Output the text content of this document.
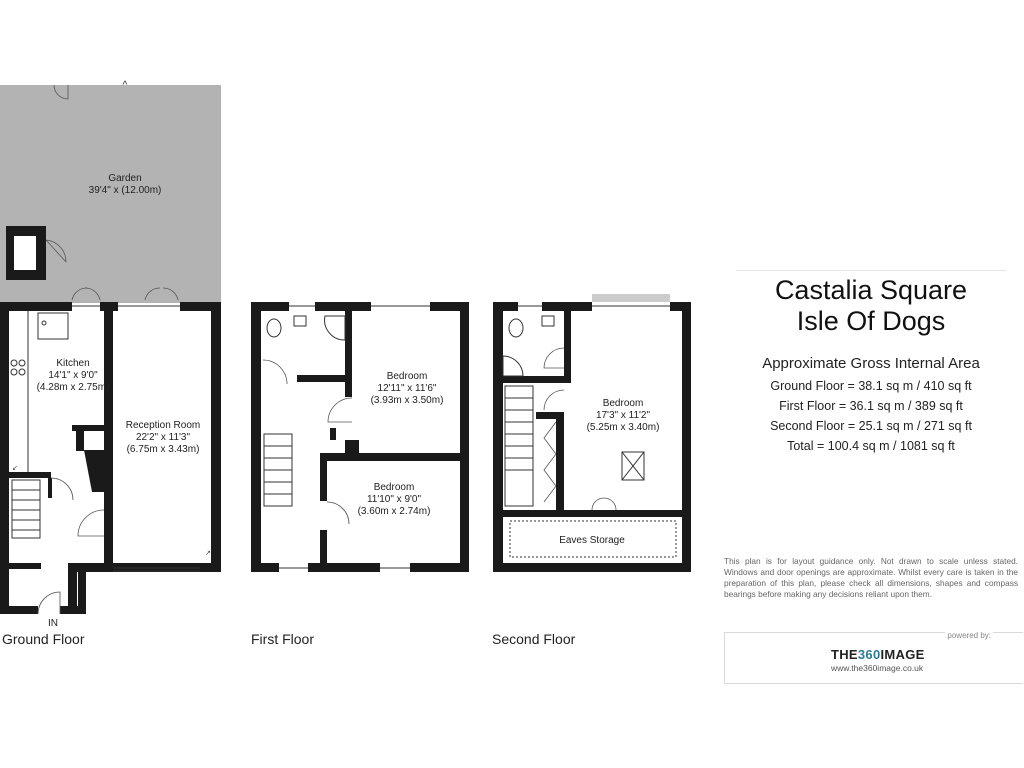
^
↗
↙
Garden
39'4" x (12.00m)
Kitchen
14'1" x 9'0"
(4.28m x 2.75m)
Reception Room
22'2" x 11'3"
(6.75m x 3.43m)
Bedroom
12'11" x 11'6"
(3.93m x 3.50m)
Bedroom
11'10" x 9'0"
(3.60m x 2.74m)
Bedroom
17'3" x 11'2"
(5.25m x 3.40m)
Eaves Storage
IN
Ground Floor	First Floor	Second Floor
Castalia Square
Isle Of Dogs
Approximate Gross Internal Area
Ground Floor = 38.1 sq m / 410 sq ft
First Floor = 36.1 sq m / 389 sq ft
Second Floor = 25.1 sq m / 271 sq ft
Total = 100.4 sq m / 1081 sq ft
This plan is for layout guidance only. Not drawn to scale unless stated. Windows and door openings are approximate. Whilst every care is taken in the preparation of this plan, please check all dimensions, shapes and compass bearings before making any decisions reliant upon them.
powered by:
THE360IMAGE
www.the360image.co.uk
